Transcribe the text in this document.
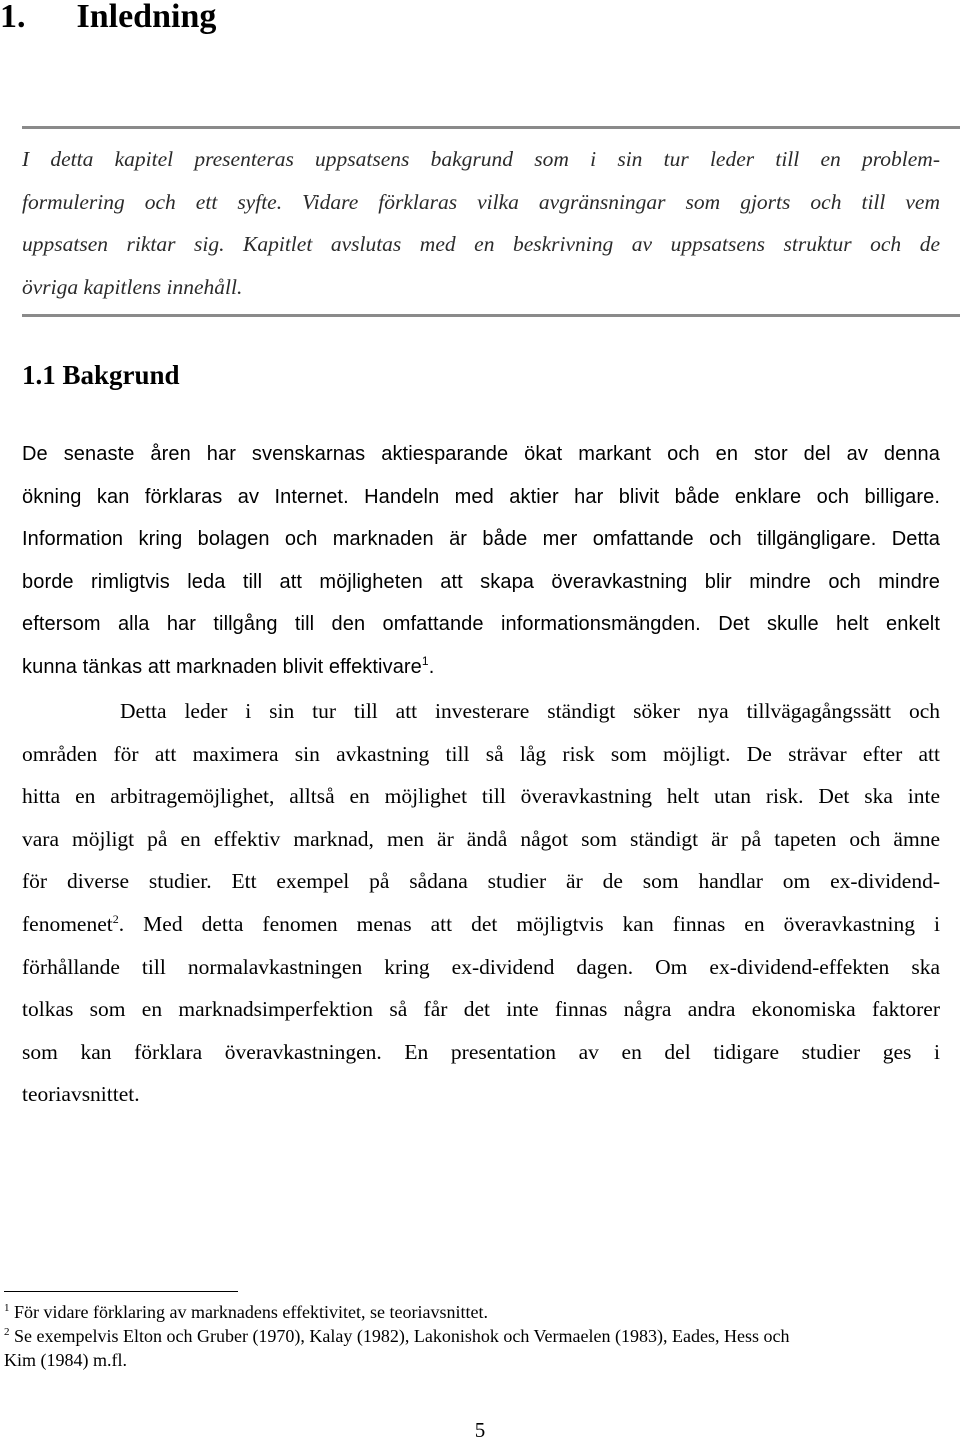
1. Inledning
I detta kapitel presenteras uppsatsens bakgrund som i sin tur leder till en problem-
formulering och ett syfte. Vidare förklaras vilka avgränsningar som gjorts och till vem
uppsatsen riktar sig. Kapitlet avslutas med en beskrivning av uppsatsens struktur och de
övriga kapitlens innehåll.
1.1 Bakgrund
De senaste åren har svenskarnas aktiesparande ökat markant och en stor del av denna
ökning kan förklaras av Internet. Handeln med aktier har blivit både enklare och billigare.
Information kring bolagen och marknaden är både mer omfattande och tillgängligare. Detta
borde rimligtvis leda till att möjligheten att skapa överavkastning blir mindre och mindre
eftersom alla har tillgång till den omfattande informationsmängden. Det skulle helt enkelt
kunna tänkas att marknaden blivit effektivare$^1$.
Detta leder i sin tur till att investerare ständigt söker nya tillvägagångssätt och
områden för att maximera sin avkastning till så låg risk som möjligt. De strävar efter att
hitta en arbitragemöjlighet, alltså en möjlighet till överavkastning helt utan risk. Det ska inte
vara möjligt på en effektiv marknad, men är ändå något som ständigt är på tapeten och ämne
för diverse studier. Ett exempel på sådana studier är de som handlar om ex-dividend-
fenomenet$^2$. Med detta fenomen menas att det möjligtvis kan finnas en överavkastning i
förhållande till normalavkastningen kring ex-dividend dagen. Om ex-dividend-effekten ska
tolkas som en marknadsimperfektion så får det inte finnas några andra ekonomiska faktorer
som kan förklara överavkastningen. En presentation av en del tidigare studier ges i
teoriavsnittet.
$^1$ För vidare förklaring av marknadens effektivitet, se teoriavsnittet.
$^2$ Se exempelvis Elton och Gruber (1970), Kalay (1982), Lakonishok och Vermaelen (1983), Eades, Hess och
Kim (1984) m.fl.
5
